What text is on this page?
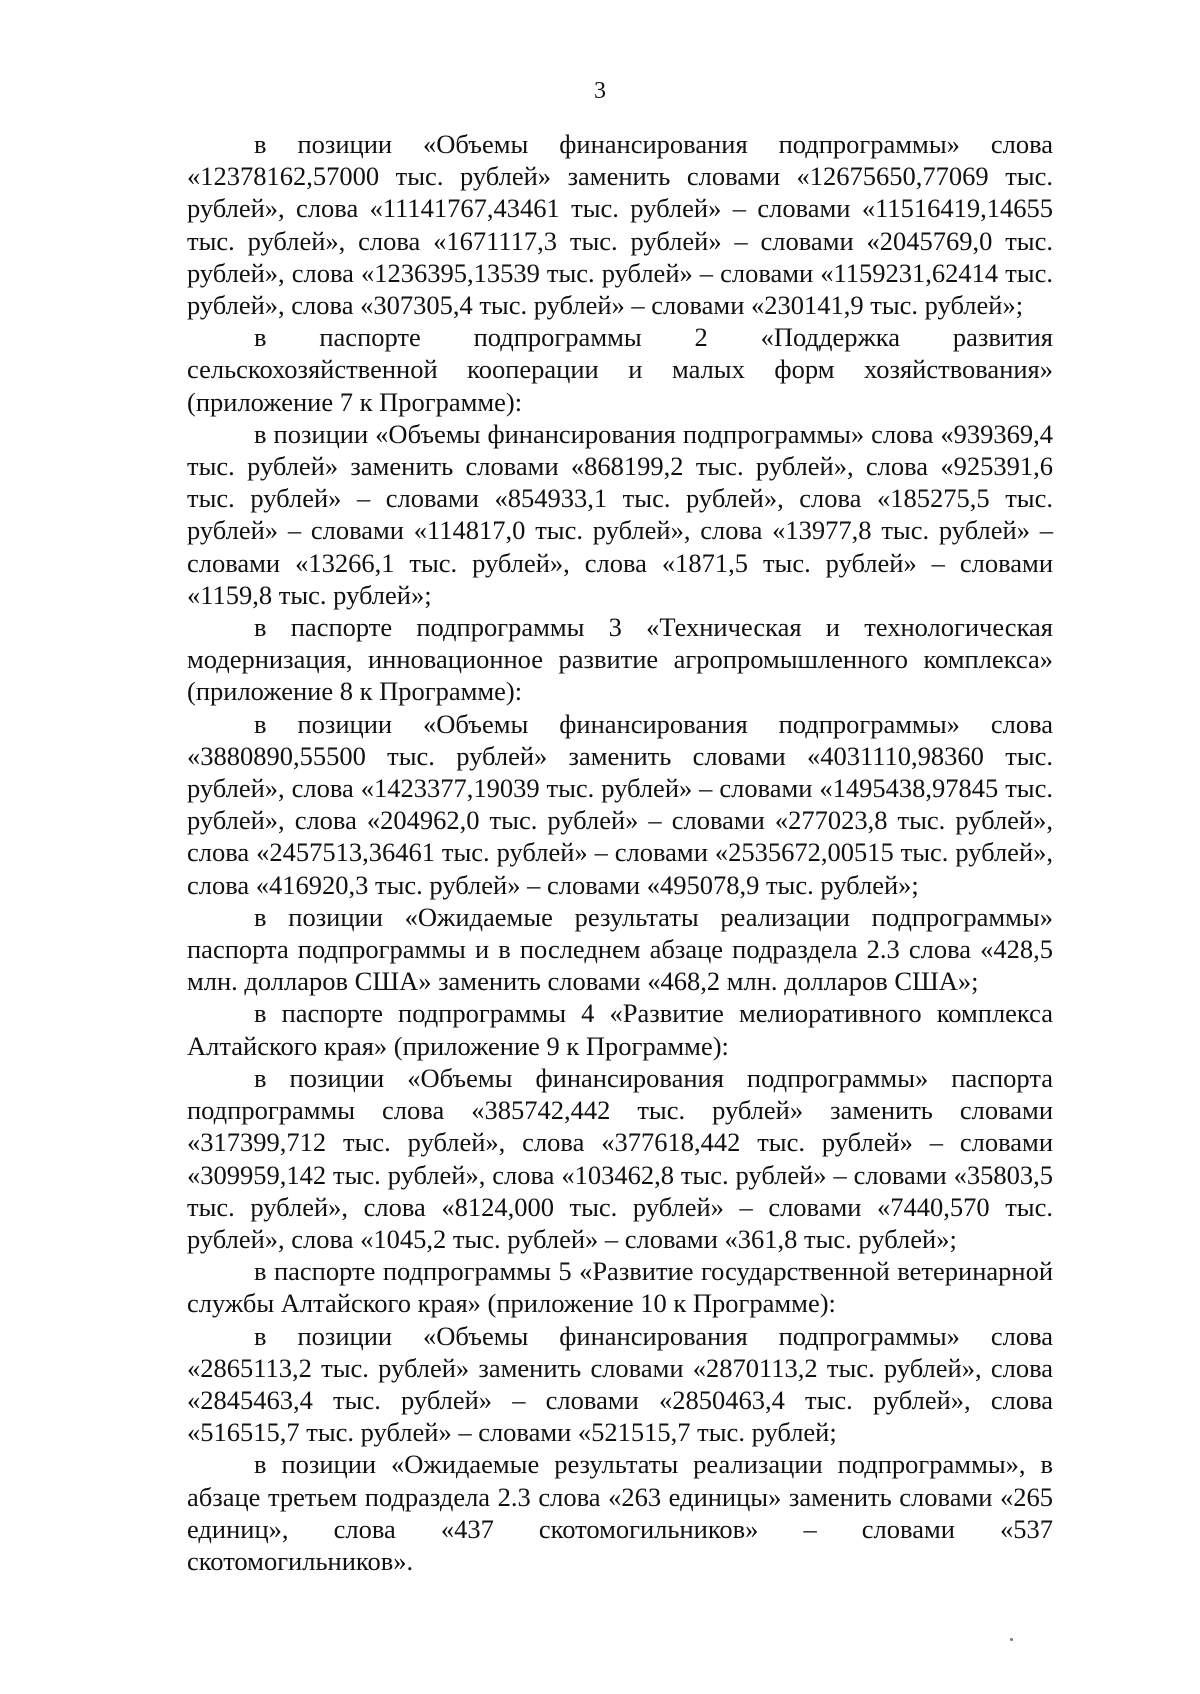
3

в позиции «Объемы финансирования подпрограммы» слова «12378162,57000 тыс. рублей» заменить словами «12675650,77069 тыс. рублей», слова «11141767,43461 тыс. рублей» – словами «11516419,14655 тыс. рублей», слова «1671117,3 тыс. рублей» – словами «2045769,0 тыс. рублей», слова «1236395,13539 тыс. рублей» – словами «1159231,62414 тыс. рублей», слова «307305,4 тыс. рублей» – словами «230141,9 тыс. рублей»;

в паспорте подпрограммы 2 «Поддержка развития сельскохозяйственной кооперации и малых форм хозяйствования» (приложение 7 к Программе):

в позиции «Объемы финансирования подпрограммы» слова «939369,4 тыс. рублей» заменить словами «868199,2 тыс. рублей», слова «925391,6 тыс. рублей» – словами «854933,1 тыс. рублей», слова «185275,5 тыс. рублей» – словами «114817,0 тыс. рублей», слова «13977,8 тыс. рублей» – словами «13266,1 тыс. рублей», слова «1871,5 тыс. рублей» – словами «1159,8 тыс. рублей»;

в паспорте подпрограммы 3 «Техническая и технологическая модернизация, инновационное развитие агропромышленного комплекса» (приложение 8 к Программе):

в позиции «Объемы финансирования подпрограммы» слова «3880890,55500 тыс. рублей» заменить словами «4031110,98360 тыс. рублей», слова «1423377,19039 тыс. рублей» – словами «1495438,97845 тыс. рублей», слова «204962,0 тыс. рублей» – словами «277023,8 тыс. рублей», слова «2457513,36461 тыс. рублей» – словами «2535672,00515 тыс. рублей», слова «416920,3 тыс. рублей» – словами «495078,9 тыс. рублей»;

в позиции «Ожидаемые результаты реализации подпрограммы» паспорта подпрограммы и в последнем абзаце подраздела 2.3 слова «428,5 млн. долларов США» заменить словами «468,2 млн. долларов США»;

в паспорте подпрограммы 4 «Развитие мелиоративного комплекса Алтайского края» (приложение 9 к Программе):

в позиции «Объемы финансирования подпрограммы» паспорта подпрограммы слова «385742,442 тыс. рублей» заменить словами «317399,712 тыс. рублей», слова «377618,442 тыс. рублей» – словами «309959,142 тыс. рублей», слова «103462,8 тыс. рублей» – словами «35803,5 тыс. рублей», слова «8124,000 тыс. рублей» – словами «7440,570 тыс. рублей», слова «1045,2 тыс. рублей» – словами «361,8 тыс. рублей»;

в паспорте подпрограммы 5 «Развитие государственной ветеринарной службы Алтайского края» (приложение 10 к Программе):

в позиции «Объемы финансирования подпрограммы» слова «2865113,2 тыс. рублей» заменить словами «2870113,2 тыс. рублей», слова «2845463,4 тыс. рублей» – словами «2850463,4 тыс. рублей», слова «516515,7 тыс. рублей» – словами «521515,7 тыс. рублей;

в позиции «Ожидаемые результаты реализации подпрограммы», в абзаце третьем подраздела 2.3 слова «263 единицы» заменить словами «265 единиц», слова «437 скотомогильников» – словами «537 скотомогильников».
